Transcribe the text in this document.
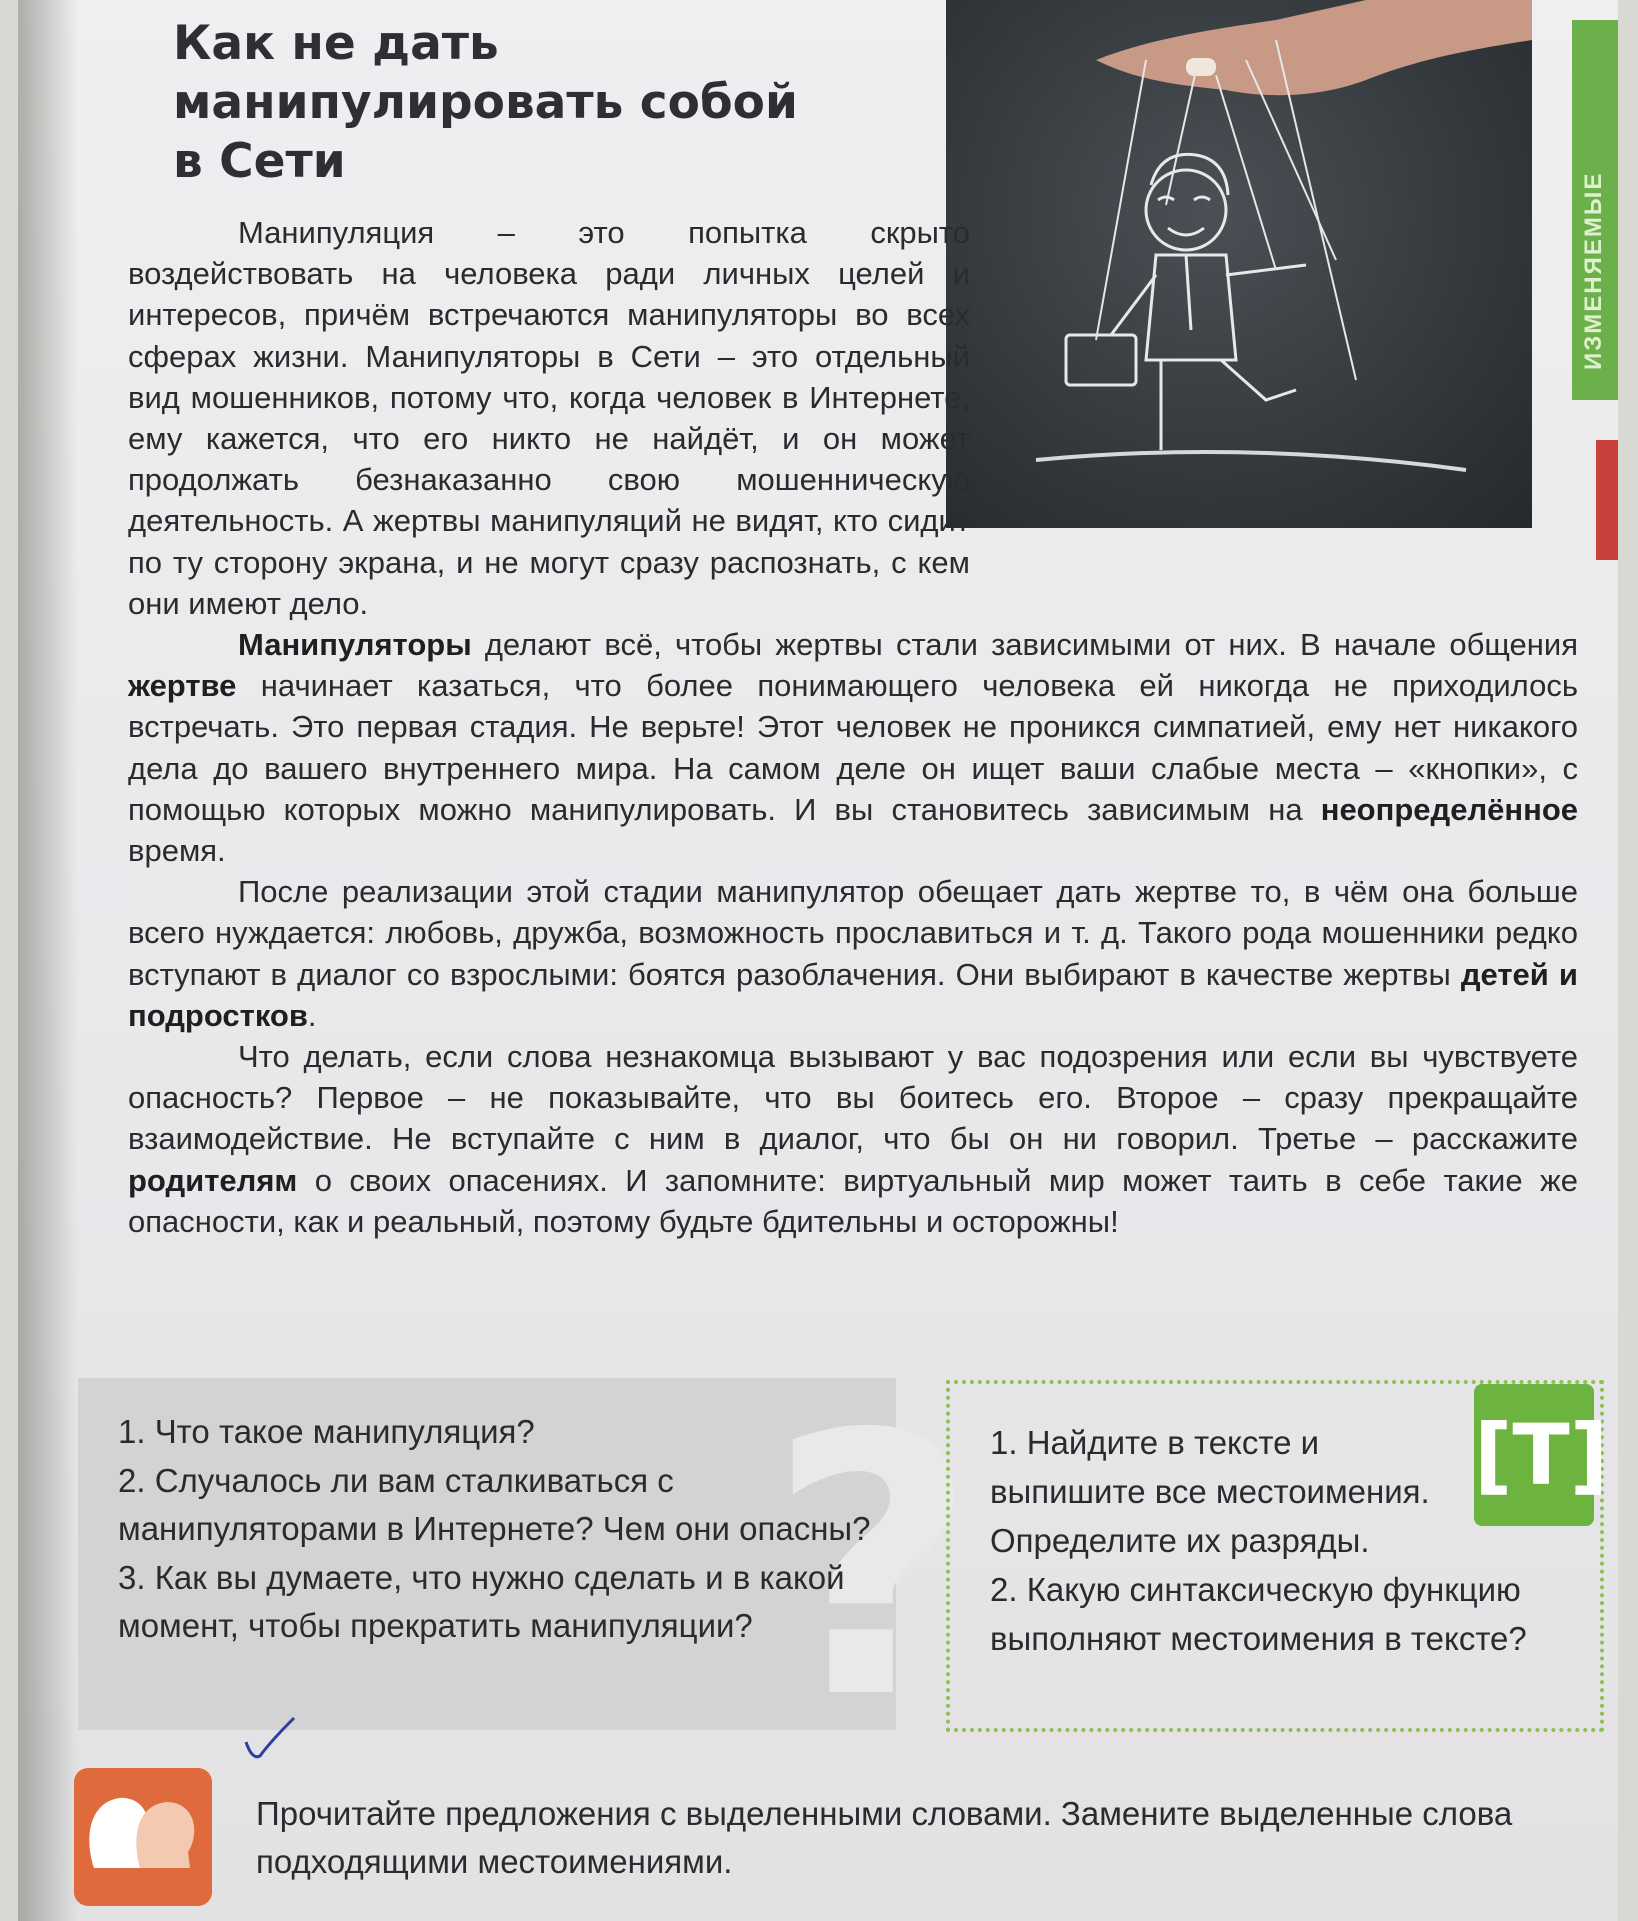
ИЗМЕНЯЕМЫЕ
Как не дать манипулировать собой в Сети

Манипуляция – это попытка скрыто воздействовать на человека ради личных целей и интересов, причём встречаются манипуляторы во всех сферах жизни. Манипуляторы в Сети – это отдельный вид мошенников, потому что, когда человек в Интернете, ему кажется, что его никто не найдёт, и он может продолжать безнаказанно свою мошенническую деятельность. А жертвы манипуляций не видят, кто сидит по ту сторону экрана, и не могут сразу распознать, с кем они имеют дело.

Манипуляторы делают всё, чтобы жертвы стали зависимыми от них. В начале общения жертве начинает казаться, что более понимающего человека ей никогда не приходилось встречать. Это первая стадия. Не верьте! Этот человек не проникся симпатией, ему нет никакого дела до вашего внутреннего мира. На самом деле он ищет ваши слабые места – «кнопки», с помощью которых можно манипулировать. И вы становитесь зависимым на неопределённое время.

После реализации этой стадии манипулятор обещает дать жертве то, в чём она больше всего нуждается: любовь, дружба, возможность прославиться и т. д. Такого рода мошенники редко вступают в диалог со взрослыми: боятся разоблачения. Они выбирают в качестве жертвы детей и подростков.

Что делать, если слова незнакомца вызывают у вас подозрения или если вы чувствуете опасность? Первое – не показывайте, что вы боитесь его. Второе – сразу прекращайте взаимодействие. Не вступайте с ним в диалог, что бы он ни говорил. Третье – расскажите родителям о своих опасениях. И запомните: виртуальный мир может таить в себе такие же опасности, как и реальный, поэтому будьте бдительны и осторожны!

?
1. Что такое манипуляция?
2. Случалось ли вам сталкиваться с манипуляторами в Интернете? Чем они опасны?
3. Как вы думаете, что нужно сделать и в какой момент, чтобы прекратить манипуляции?
[T]
1. Найдите в тексте и выпишите все местоимения. Определите их разряды.
2. Какую синтаксическую функцию выполняют местоимения в тексте?

Прочитайте предложения с выделенными словами. Замените выделенные слова подходящими местоимениями.
